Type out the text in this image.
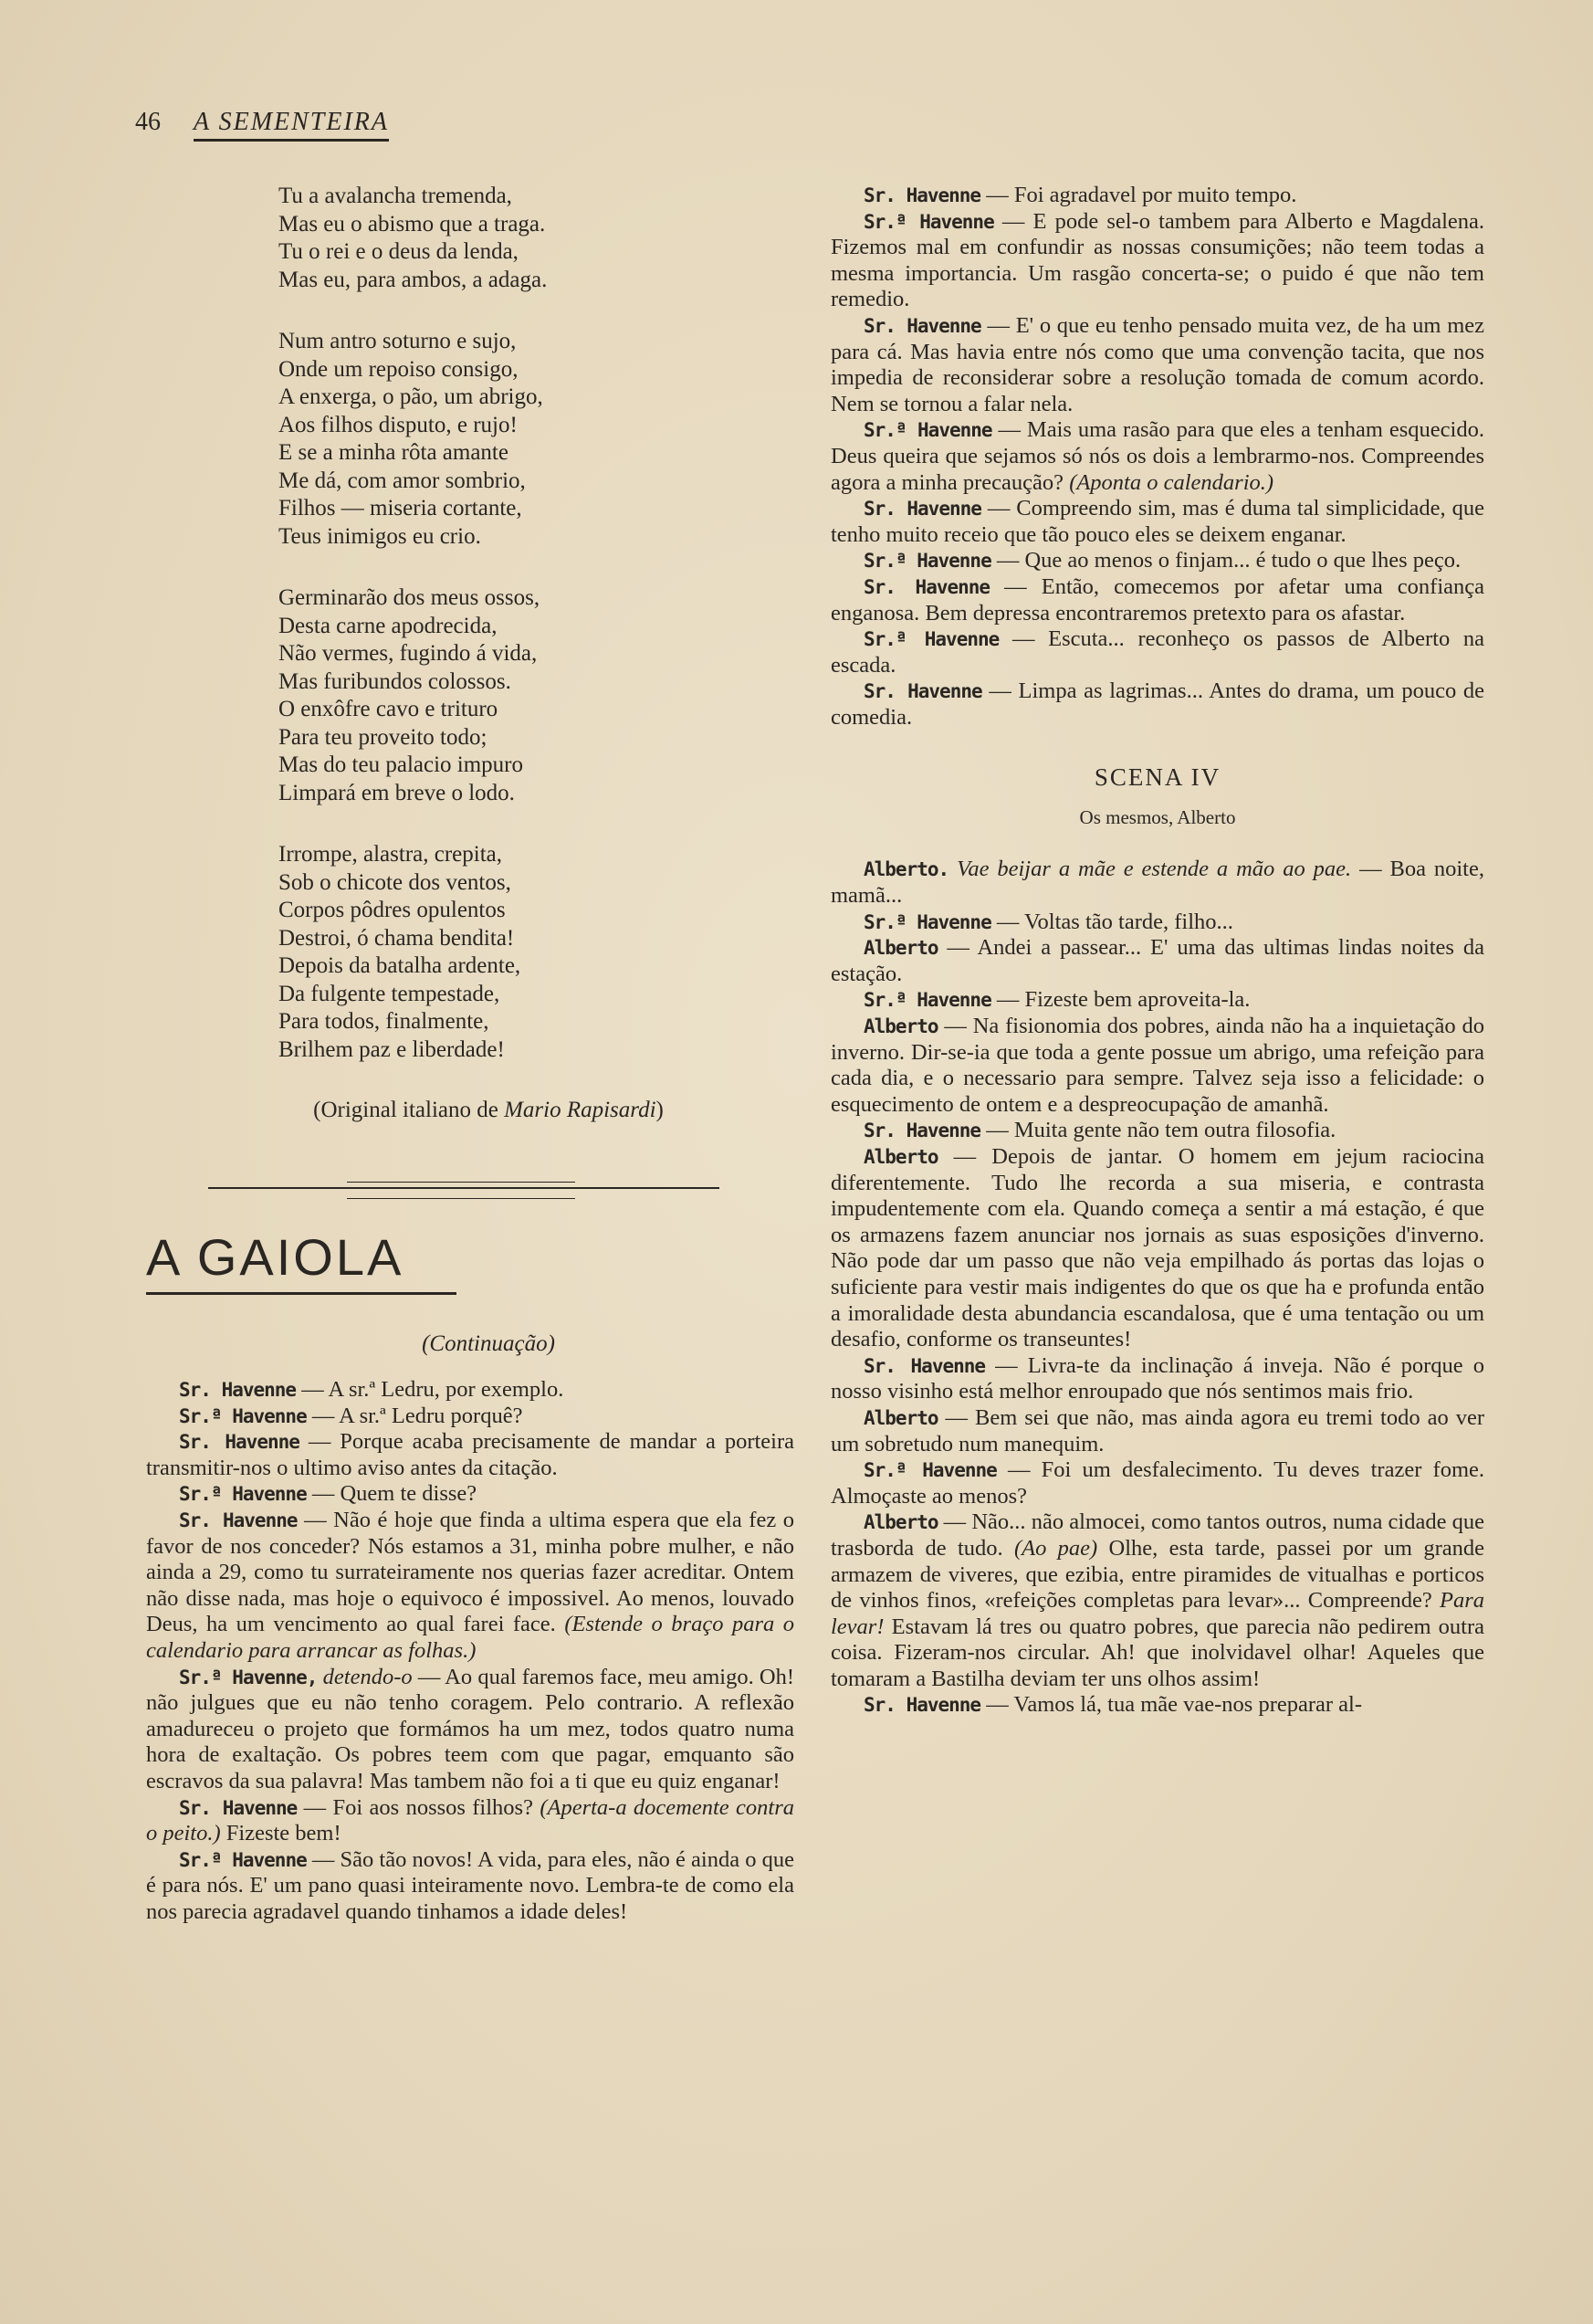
46 A SEMENTEIRA
Tu a avalancha tremenda,
Mas eu o abismo que a traga.
Tu o rei e o deus da lenda,
Mas eu, para ambos, a adaga.
Num antro soturno e sujo,
Onde um repoiso consigo,
A enxerga, o pão, um abrigo,
Aos filhos disputo, e rujo!
E se a minha rôta amante
Me dá, com amor sombrio,
Filhos — miseria cortante,
Teus inimigos eu crio.
Germinarão dos meus ossos,
Desta carne apodrecida,
Não vermes, fugindo á vida,
Mas furibundos colossos.
O enxôfre cavo e trituro
Para teu proveito todo;
Mas do teu palacio impuro
Limpará em breve o lodo.
Irrompe, alastra, crepita,
Sob o chicote dos ventos,
Corpos pôdres opulentos
Destroi, ó chama bendita!
Depois da batalha ardente,
Da fulgente tempestade,
Para todos, finalmente,
Brilhem paz e liberdade!
(Original italiano de Mario Rapisardi)
A GAIOLA
(Continuação)

Sr. Havenne — A sr.ª Ledru, por exemplo.

Sr.ª Havenne — A sr.ª Ledru porquê?

Sr. Havenne — Porque acaba precisamente de mandar a porteira transmitir-nos o ultimo aviso antes da citação.

Sr.ª Havenne — Quem te disse?

Sr. Havenne — Não é hoje que finda a ultima espera que ela fez o favor de nos conceder? Nós estamos a 31, minha pobre mulher, e não ainda a 29, como tu surrateiramente nos querias fazer acreditar. Ontem não disse nada, mas hoje o equivoco é impossivel. Ao menos, louvado Deus, ha um vencimento ao qual farei face. (Estende o braço para o calendario para arrancar as folhas.)

Sr.ª Havenne, detendo-o — Ao qual faremos face, meu amigo. Oh! não julgues que eu não tenho coragem. Pelo contrario. A reflexão amadureceu o projeto que formámos ha um mez, todos quatro numa hora de exaltação. Os pobres teem com que pagar, emquanto são escravos da sua palavra! Mas tambem não foi a ti que eu quiz enganar!

Sr. Havenne — Foi aos nossos filhos? (Aperta-a docemente contra o peito.) Fizeste bem!

Sr.ª Havenne — São tão novos! A vida, para eles, não é ainda o que é para nós. E' um pano quasi inteiramente novo. Lembra-te de como ela nos parecia agradavel quando tinhamos a idade deles!

Sr. Havenne — Foi agradavel por muito tempo.

Sr.ª Havenne — E pode sel-o tambem para Alberto e Magdalena. Fizemos mal em confundir as nossas consumições; não teem todas a mesma importancia. Um rasgão concerta-se; o puido é que não tem remedio.

Sr. Havenne — E' o que eu tenho pensado muita vez, de ha um mez para cá. Mas havia entre nós como que uma convenção tacita, que nos impedia de reconsiderar sobre a resolução tomada de comum acordo. Nem se tornou a falar nela.

Sr.ª Havenne — Mais uma rasão para que eles a tenham esquecido. Deus queira que sejamos só nós os dois a lembrarmo-nos. Compreendes agora a minha precaução? (Aponta o calendario.)

Sr. Havenne — Compreendo sim, mas é duma tal simplicidade, que tenho muito receio que tão pouco eles se deixem enganar.

Sr.ª Havenne — Que ao menos o finjam... é tudo o que lhes peço.

Sr. Havenne — Então, comecemos por afetar uma confiança enganosa. Bem depressa encontraremos pretexto para os afastar.

Sr.ª Havenne — Escuta... reconheço os passos de Alberto na escada.

Sr. Havenne — Limpa as lagrimas... Antes do drama, um pouco de comedia.

SCENA IV
Os mesmos, Alberto

Alberto. Vae beijar a mãe e estende a mão ao pae. — Boa noite, mamã...

Sr.ª Havenne — Voltas tão tarde, filho...

Alberto — Andei a passear... E' uma das ultimas lindas noites da estação.

Sr.ª Havenne — Fizeste bem aproveita-la.

Alberto — Na fisionomia dos pobres, ainda não ha a inquietação do inverno. Dir-se-ia que toda a gente possue um abrigo, uma refeição para cada dia, e o necessario para sempre. Talvez seja isso a felicidade: o esquecimento de ontem e a despreocupação de amanhã.

Sr. Havenne — Muita gente não tem outra filosofia.

Alberto — Depois de jantar. O homem em jejum raciocina diferentemente. Tudo lhe recorda a sua miseria, e contrasta impudentemente com ela. Quando começa a sentir a má estação, é que os armazens fazem anunciar nos jornais as suas esposições d'inverno. Não pode dar um passo que não veja empilhado ás portas das lojas o suficiente para vestir mais indigentes do que os que ha e profunda então a imoralidade desta abundancia escandalosa, que é uma tentação ou um desafio, conforme os transeuntes!

Sr. Havenne — Livra-te da inclinação á inveja. Não é porque o nosso visinho está melhor enroupado que nós sentimos mais frio.

Alberto — Bem sei que não, mas ainda agora eu tremi todo ao ver um sobretudo num manequim.

Sr.ª Havenne — Foi um desfalecimento. Tu deves trazer fome. Almoçaste ao menos?

Alberto — Não... não almocei, como tantos outros, numa cidade que trasborda de tudo. (Ao pae) Olhe, esta tarde, passei por um grande armazem de viveres, que ezibia, entre piramides de vitualhas e porticos de vinhos finos, «refeições completas para levar»... Compreende? Para levar! Estavam lá tres ou quatro pobres, que parecia não pedirem outra coisa. Fizeram-nos circular. Ah! que inolvidavel olhar! Aqueles que tomaram a Bastilha deviam ter uns olhos assim!

Sr. Havenne — Vamos lá, tua mãe vae-nos preparar al-
